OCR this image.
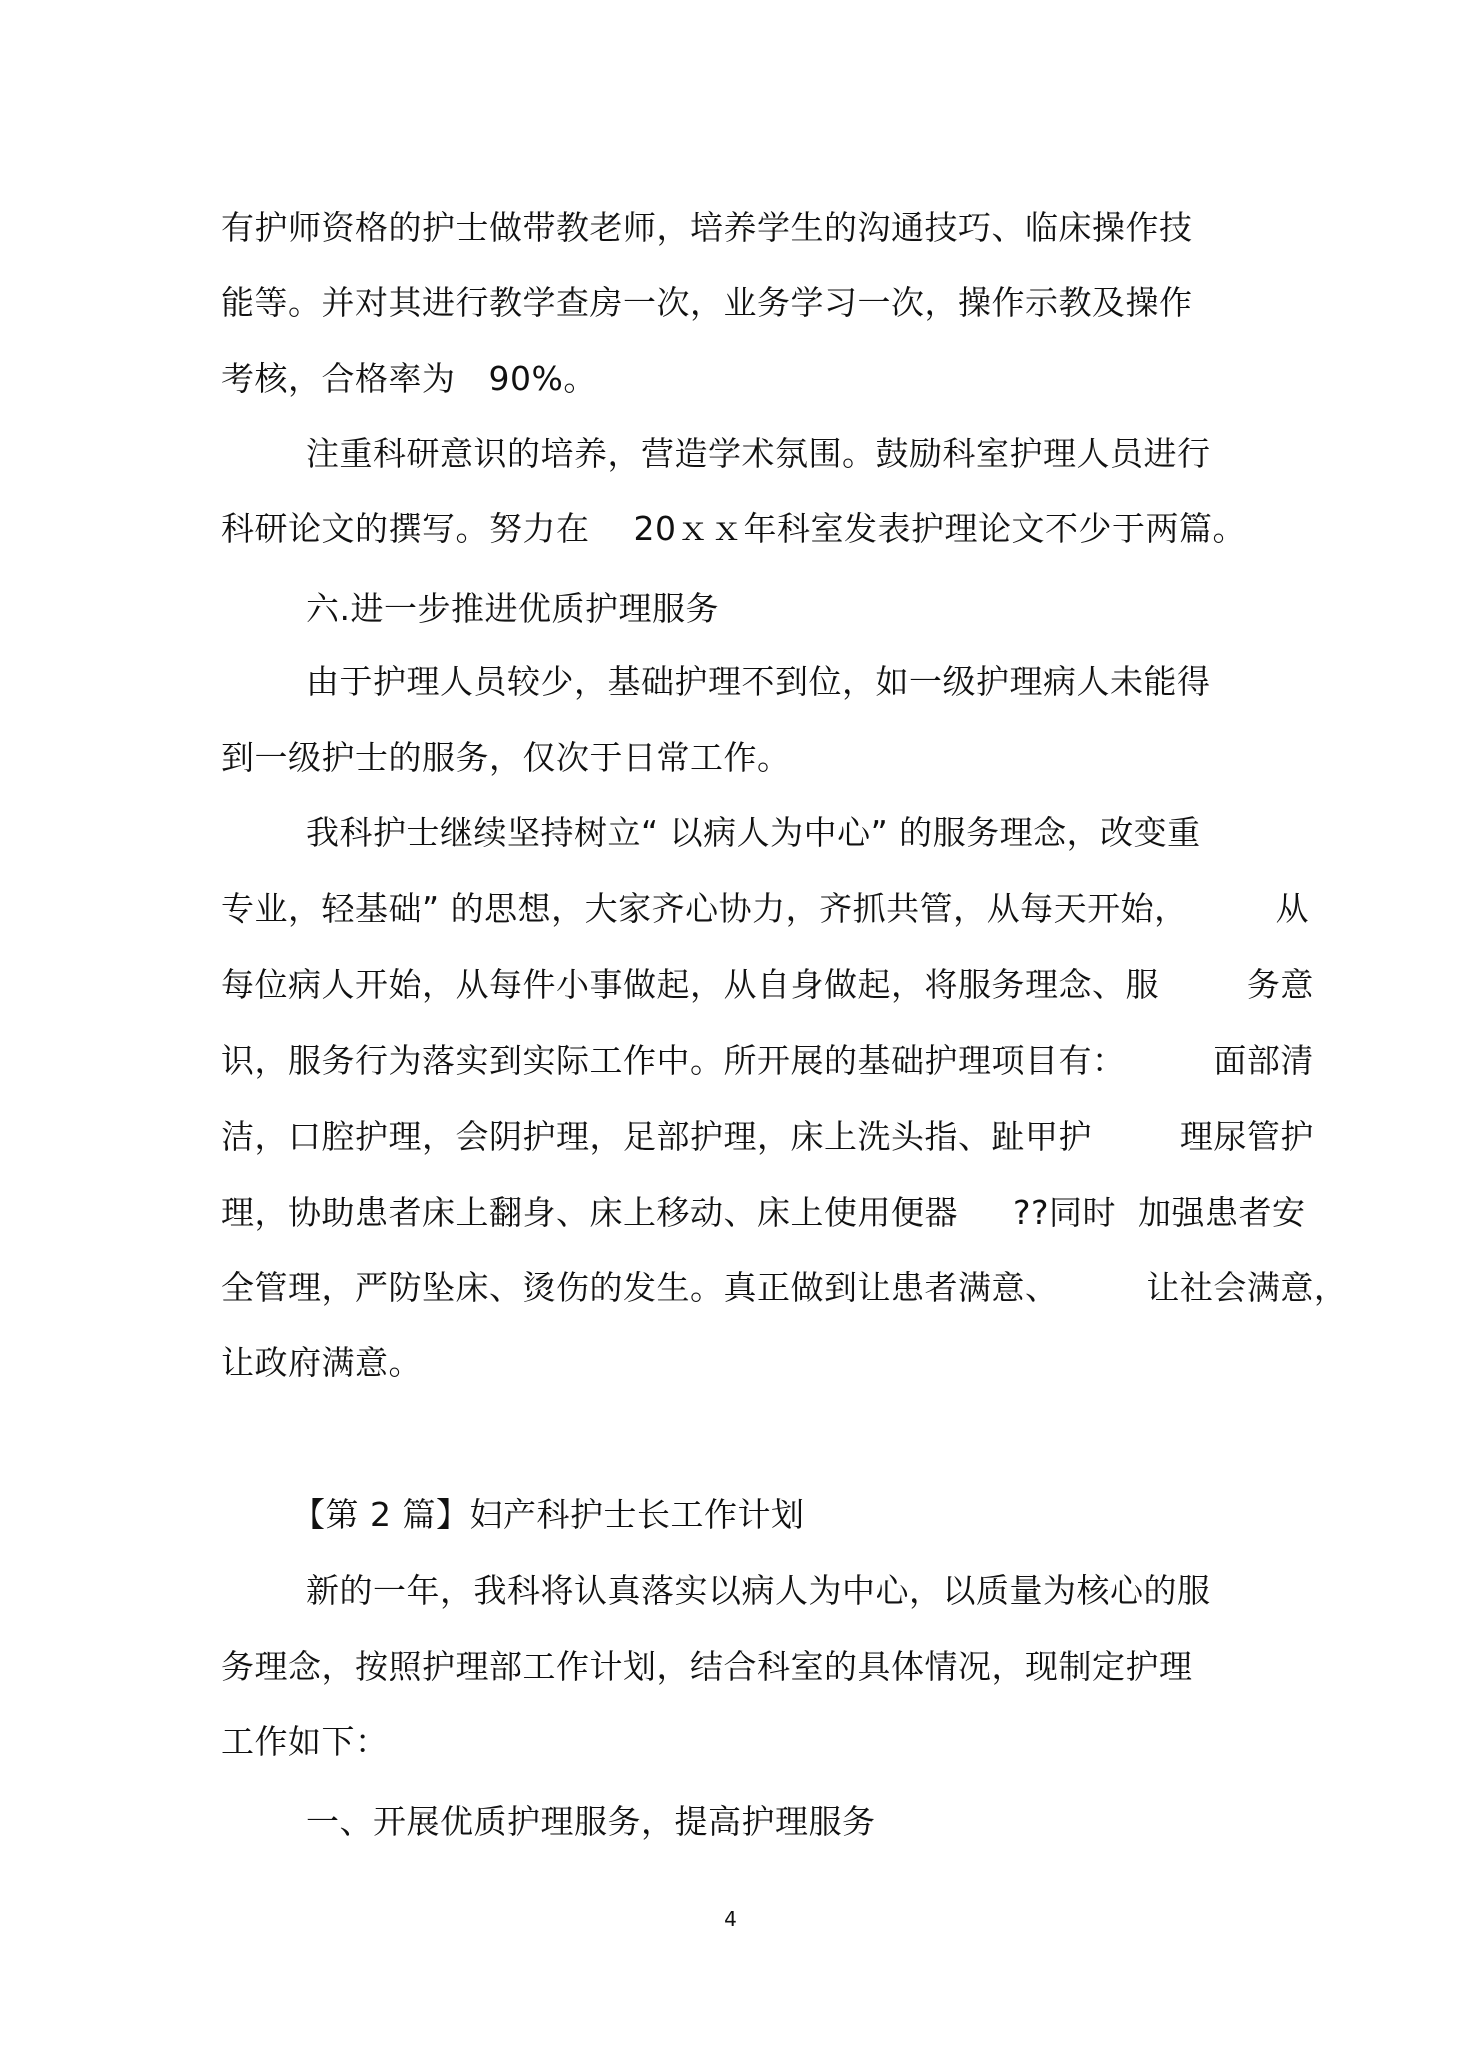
有护师资格的护士做带教老师，培养学生的沟通技巧、临床操作技
能等。并对其进行教学查房一次，业务学习一次，操作示教及操作
考核，合格率为   90%。
注重科研意识的培养，营造学术氛围。鼓励科室护理人员进行
科研论文的撰写。努力在    20ｘｘ年科室发表护理论文不少于两篇。
六.进一步推进优质护理服务
由于护理人员较少，基础护理不到位，如一级护理病人未能得
到一级护士的服务，仅次于日常工作。
我科护士继续坚持树立“ 以病人为中心” 的服务理念，改变重
专业，轻基础” 的思想，大家齐心协力，齐抓共管，从每天开始，        从
每位病人开始，从每件小事做起，从自身做起，将服务理念、服        务意
识，服务行为落实到实际工作中。所开展的基础护理项目有：        面部清
洁，口腔护理，会阴护理，足部护理，床上洗头指、趾甲护        理尿管护
理，协助患者床上翻身、床上移动、床上使用便器     ??同时  加强患者安
全管理，严防坠床、烫伤的发生。真正做到让患者满意、        让社会满意，
让政府满意。
【第 2 篇】妇产科护士长工作计划
新的一年，我科将认真落实以病人为中心，以质量为核心的服
务理念，按照护理部工作计划，结合科室的具体情况，现制定护理
工作如下：
一、开展优质护理服务，提高护理服务
4
